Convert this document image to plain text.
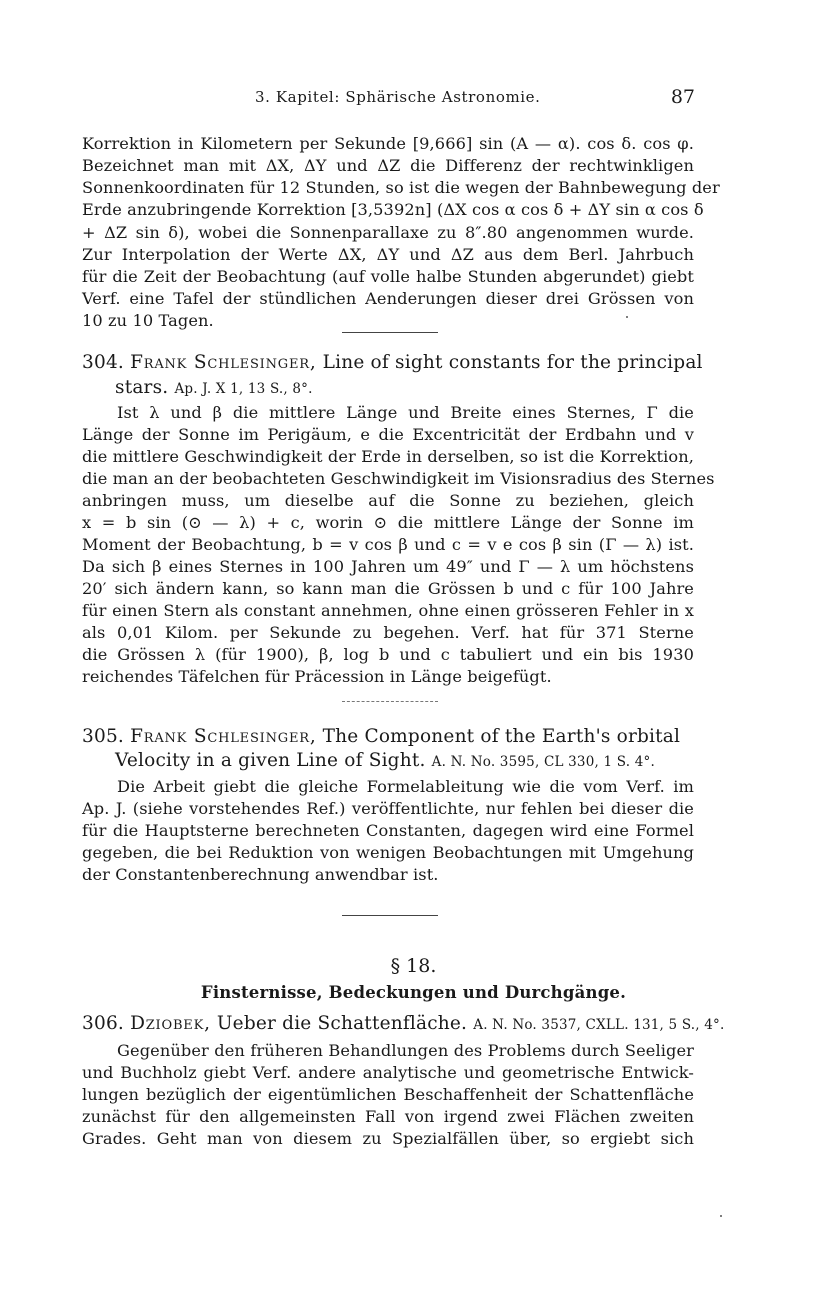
3. Kapitel: Sphärische Astronomie.	87
Korrektion in Kilometern per Sekunde [9,666] sin (A — α). cos δ. cos φ.
Bezeichnet man mit ΔX, ΔY und ΔZ die Differenz der rechtwinkligen
Sonnenkoordinaten für 12 Stunden, so ist die wegen der Bahnbewegung der
Erde anzubringende Korrektion [3,5392n] (ΔX cos α cos δ + ΔY sin α cos δ
+ ΔZ sin δ), wobei die Sonnenparallaxe zu 8″.80 angenommen wurde.
Zur Interpolation der Werte ΔX, ΔY und ΔZ aus dem Berl. Jahrbuch
für die Zeit der Beobachtung (auf volle halbe Stunden abgerundet) giebt
Verf. eine Tafel der stündlichen Aenderungen dieser drei Grössen von
10 zu 10 Tagen.
304. Frank Schlesinger, Line of sight constants for the principal
stars. Ap. J. X 1, 13 S., 8°.
Ist λ und β die mittlere Länge und Breite eines Sternes, Γ die
Länge der Sonne im Perigäum, e die Excentricität der Erdbahn und v
die mittlere Geschwindigkeit der Erde in derselben, so ist die Korrektion,
die man an der beobachteten Geschwindigkeit im Visionsradius des Sternes
anbringen muss, um dieselbe auf die Sonne zu beziehen, gleich
x = b sin (⊙ — λ) + c, worin ⊙ die mittlere Länge der Sonne im
Moment der Beobachtung, b = v cos β und c = v e cos β sin (Γ — λ) ist.
Da sich β eines Sternes in 100 Jahren um 49″ und Γ — λ um höchstens
20′ sich ändern kann, so kann man die Grössen b und c für 100 Jahre
für einen Stern als constant annehmen, ohne einen grösseren Fehler in x
als 0,01 Kilom. per Sekunde zu begehen. Verf. hat für 371 Sterne
die Grössen λ (für 1900), β, log b und c tabuliert und ein bis 1930
reichendes Täfelchen für Präcession in Länge beigefügt.
305. Frank Schlesinger, The Component of the Earth's orbital
Velocity in a given Line of Sight. A. N. No. 3595, CL 330, 1 S. 4°.
Die Arbeit giebt die gleiche Formelableitung wie die vom Verf. im
Ap. J. (siehe vorstehendes Ref.) veröffentlichte, nur fehlen bei dieser die
für die Hauptsterne berechneten Constanten, dagegen wird eine Formel
gegeben, die bei Reduktion von wenigen Beobachtungen mit Umgehung
der Constantenberechnung anwendbar ist.
§ 18.
Finsternisse, Bedeckungen und Durchgänge.
306. Dziobek, Ueber die Schattenfläche. A. N. No. 3537, CXLL. 131, 5 S., 4°.
Gegenüber den früheren Behandlungen des Problems durch Seeliger
und Buchholz giebt Verf. andere analytische und geometrische Entwick-
lungen bezüglich der eigentümlichen Beschaffenheit der Schattenfläche
zunächst für den allgemeinsten Fall von irgend zwei Flächen zweiten
Grades. Geht man von diesem zu Spezialfällen über, so ergiebt sich
